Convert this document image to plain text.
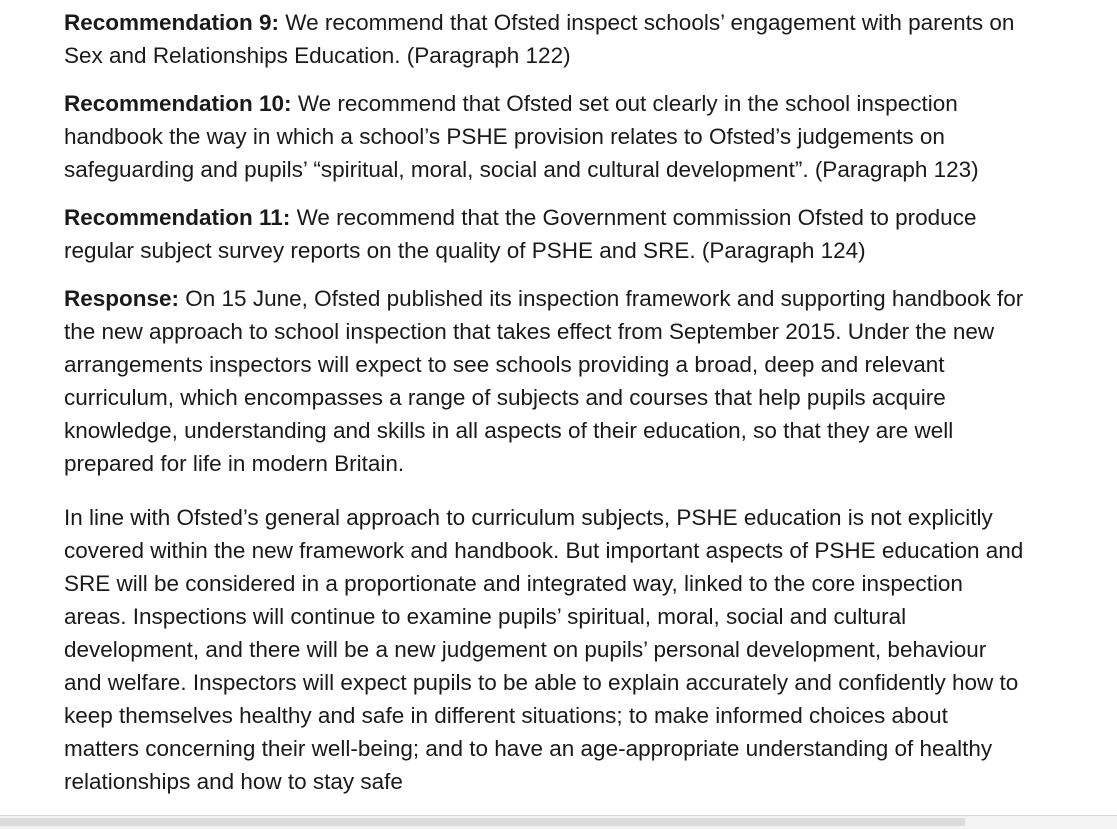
Recommendation 9: We recommend that Ofsted inspect schools’ engagement with parents on Sex and Relationships Education. (Paragraph 122)

Recommendation 10: We recommend that Ofsted set out clearly in the school inspection handbook the way in which a school’s PSHE provision relates to Ofsted’s judgements on safeguarding and pupils’ “spiritual, moral, social and cultural development”. (Paragraph 123)

Recommendation 11: We recommend that the Government commission Ofsted to produce regular subject survey reports on the quality of PSHE and SRE. (Paragraph 124)

Response: On 15 June, Ofsted published its inspection framework and supporting handbook for the new approach to school inspection that takes effect from September 2015. Under the new arrangements inspectors will expect to see schools providing a broad, deep and relevant curriculum, which encompasses a range of subjects and courses that help pupils acquire knowledge, understanding and skills in all aspects of their education, so that they are well prepared for life in modern Britain.

In line with Ofsted’s general approach to curriculum subjects, PSHE education is not explicitly covered within the new framework and handbook. But important aspects of PSHE education and SRE will be considered in a proportionate and integrated way, linked to the core inspection areas. Inspections will continue to examine pupils’ spiritual, moral, social and cultural development, and there will be a new judgement on pupils’ personal development, behaviour and welfare. Inspectors will expect pupils to be able to explain accurately and confidently how to keep themselves healthy and safe in different situations; to make informed choices about matters concerning their well-being; and to have an age-appropriate understanding of healthy relationships and how to stay safe
